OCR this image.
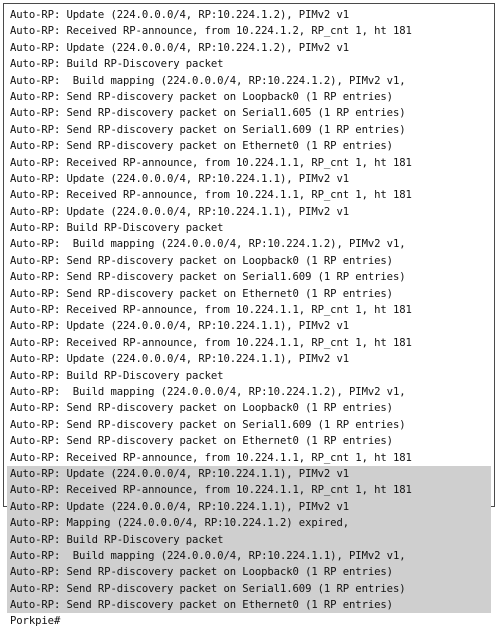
Auto-RP: Update (224.0.0.0/4, RP:10.224.1.2), PIMv2 v1
Auto-RP: Received RP-announce, from 10.224.1.2, RP_cnt 1, ht 181
Auto-RP: Update (224.0.0.0/4, RP:10.224.1.2), PIMv2 v1
Auto-RP: Build RP-Discovery packet
Auto-RP:  Build mapping (224.0.0.0/4, RP:10.224.1.2), PIMv2 v1,
Auto-RP: Send RP-discovery packet on Loopback0 (1 RP entries)
Auto-RP: Send RP-discovery packet on Serial1.605 (1 RP entries)
Auto-RP: Send RP-discovery packet on Serial1.609 (1 RP entries)
Auto-RP: Send RP-discovery packet on Ethernet0 (1 RP entries)
Auto-RP: Received RP-announce, from 10.224.1.1, RP_cnt 1, ht 181
Auto-RP: Update (224.0.0.0/4, RP:10.224.1.1), PIMv2 v1
Auto-RP: Received RP-announce, from 10.224.1.1, RP_cnt 1, ht 181
Auto-RP: Update (224.0.0.0/4, RP:10.224.1.1), PIMv2 v1
Auto-RP: Build RP-Discovery packet
Auto-RP:  Build mapping (224.0.0.0/4, RP:10.224.1.2), PIMv2 v1,
Auto-RP: Send RP-discovery packet on Loopback0 (1 RP entries)
Auto-RP: Send RP-discovery packet on Serial1.609 (1 RP entries)
Auto-RP: Send RP-discovery packet on Ethernet0 (1 RP entries)
Auto-RP: Received RP-announce, from 10.224.1.1, RP_cnt 1, ht 181
Auto-RP: Update (224.0.0.0/4, RP:10.224.1.1), PIMv2 v1
Auto-RP: Received RP-announce, from 10.224.1.1, RP_cnt 1, ht 181
Auto-RP: Update (224.0.0.0/4, RP:10.224.1.1), PIMv2 v1
Auto-RP: Build RP-Discovery packet
Auto-RP:  Build mapping (224.0.0.0/4, RP:10.224.1.2), PIMv2 v1,
Auto-RP: Send RP-discovery packet on Loopback0 (1 RP entries)
Auto-RP: Send RP-discovery packet on Serial1.609 (1 RP entries)
Auto-RP: Send RP-discovery packet on Ethernet0 (1 RP entries)
Auto-RP: Received RP-announce, from 10.224.1.1, RP_cnt 1, ht 181
Auto-RP: Update (224.0.0.0/4, RP:10.224.1.1), PIMv2 v1
Auto-RP: Received RP-announce, from 10.224.1.1, RP_cnt 1, ht 181
Auto-RP: Update (224.0.0.0/4, RP:10.224.1.1), PIMv2 v1
Auto-RP: Mapping (224.0.0.0/4, RP:10.224.1.2) expired,
Auto-RP: Build RP-Discovery packet
Auto-RP:  Build mapping (224.0.0.0/4, RP:10.224.1.1), PIMv2 v1,
Auto-RP: Send RP-discovery packet on Loopback0 (1 RP entries)
Auto-RP: Send RP-discovery packet on Serial1.609 (1 RP entries)
Auto-RP: Send RP-discovery packet on Ethernet0 (1 RP entries)
Porkpie#
